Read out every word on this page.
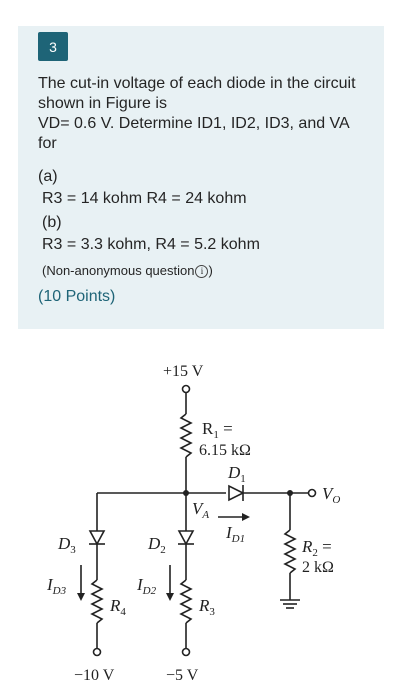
3
The cut-in voltage of each diode in the circuit shown in Figure is
VD= 0.6 V. Determine ID1, ID2, ID3, and VA for
(a)
R3 = 14 kohm R4 = 24 kohm
(b)
R3 = 3.3 kohm, R4 = 5.2 kohm
(Non-anonymous question i )
(10 Points)
+15 V
$R_1$ =
6.15 kΩ
$D_1$
$V_O$
$V_A$
$I_{D1}$	$R_2$ =
2 kΩ
$D_3$	$D_2$
$I_{D3}$	$I_{D2}$
$R_4$	$R_3$
−10 V	−5 V
